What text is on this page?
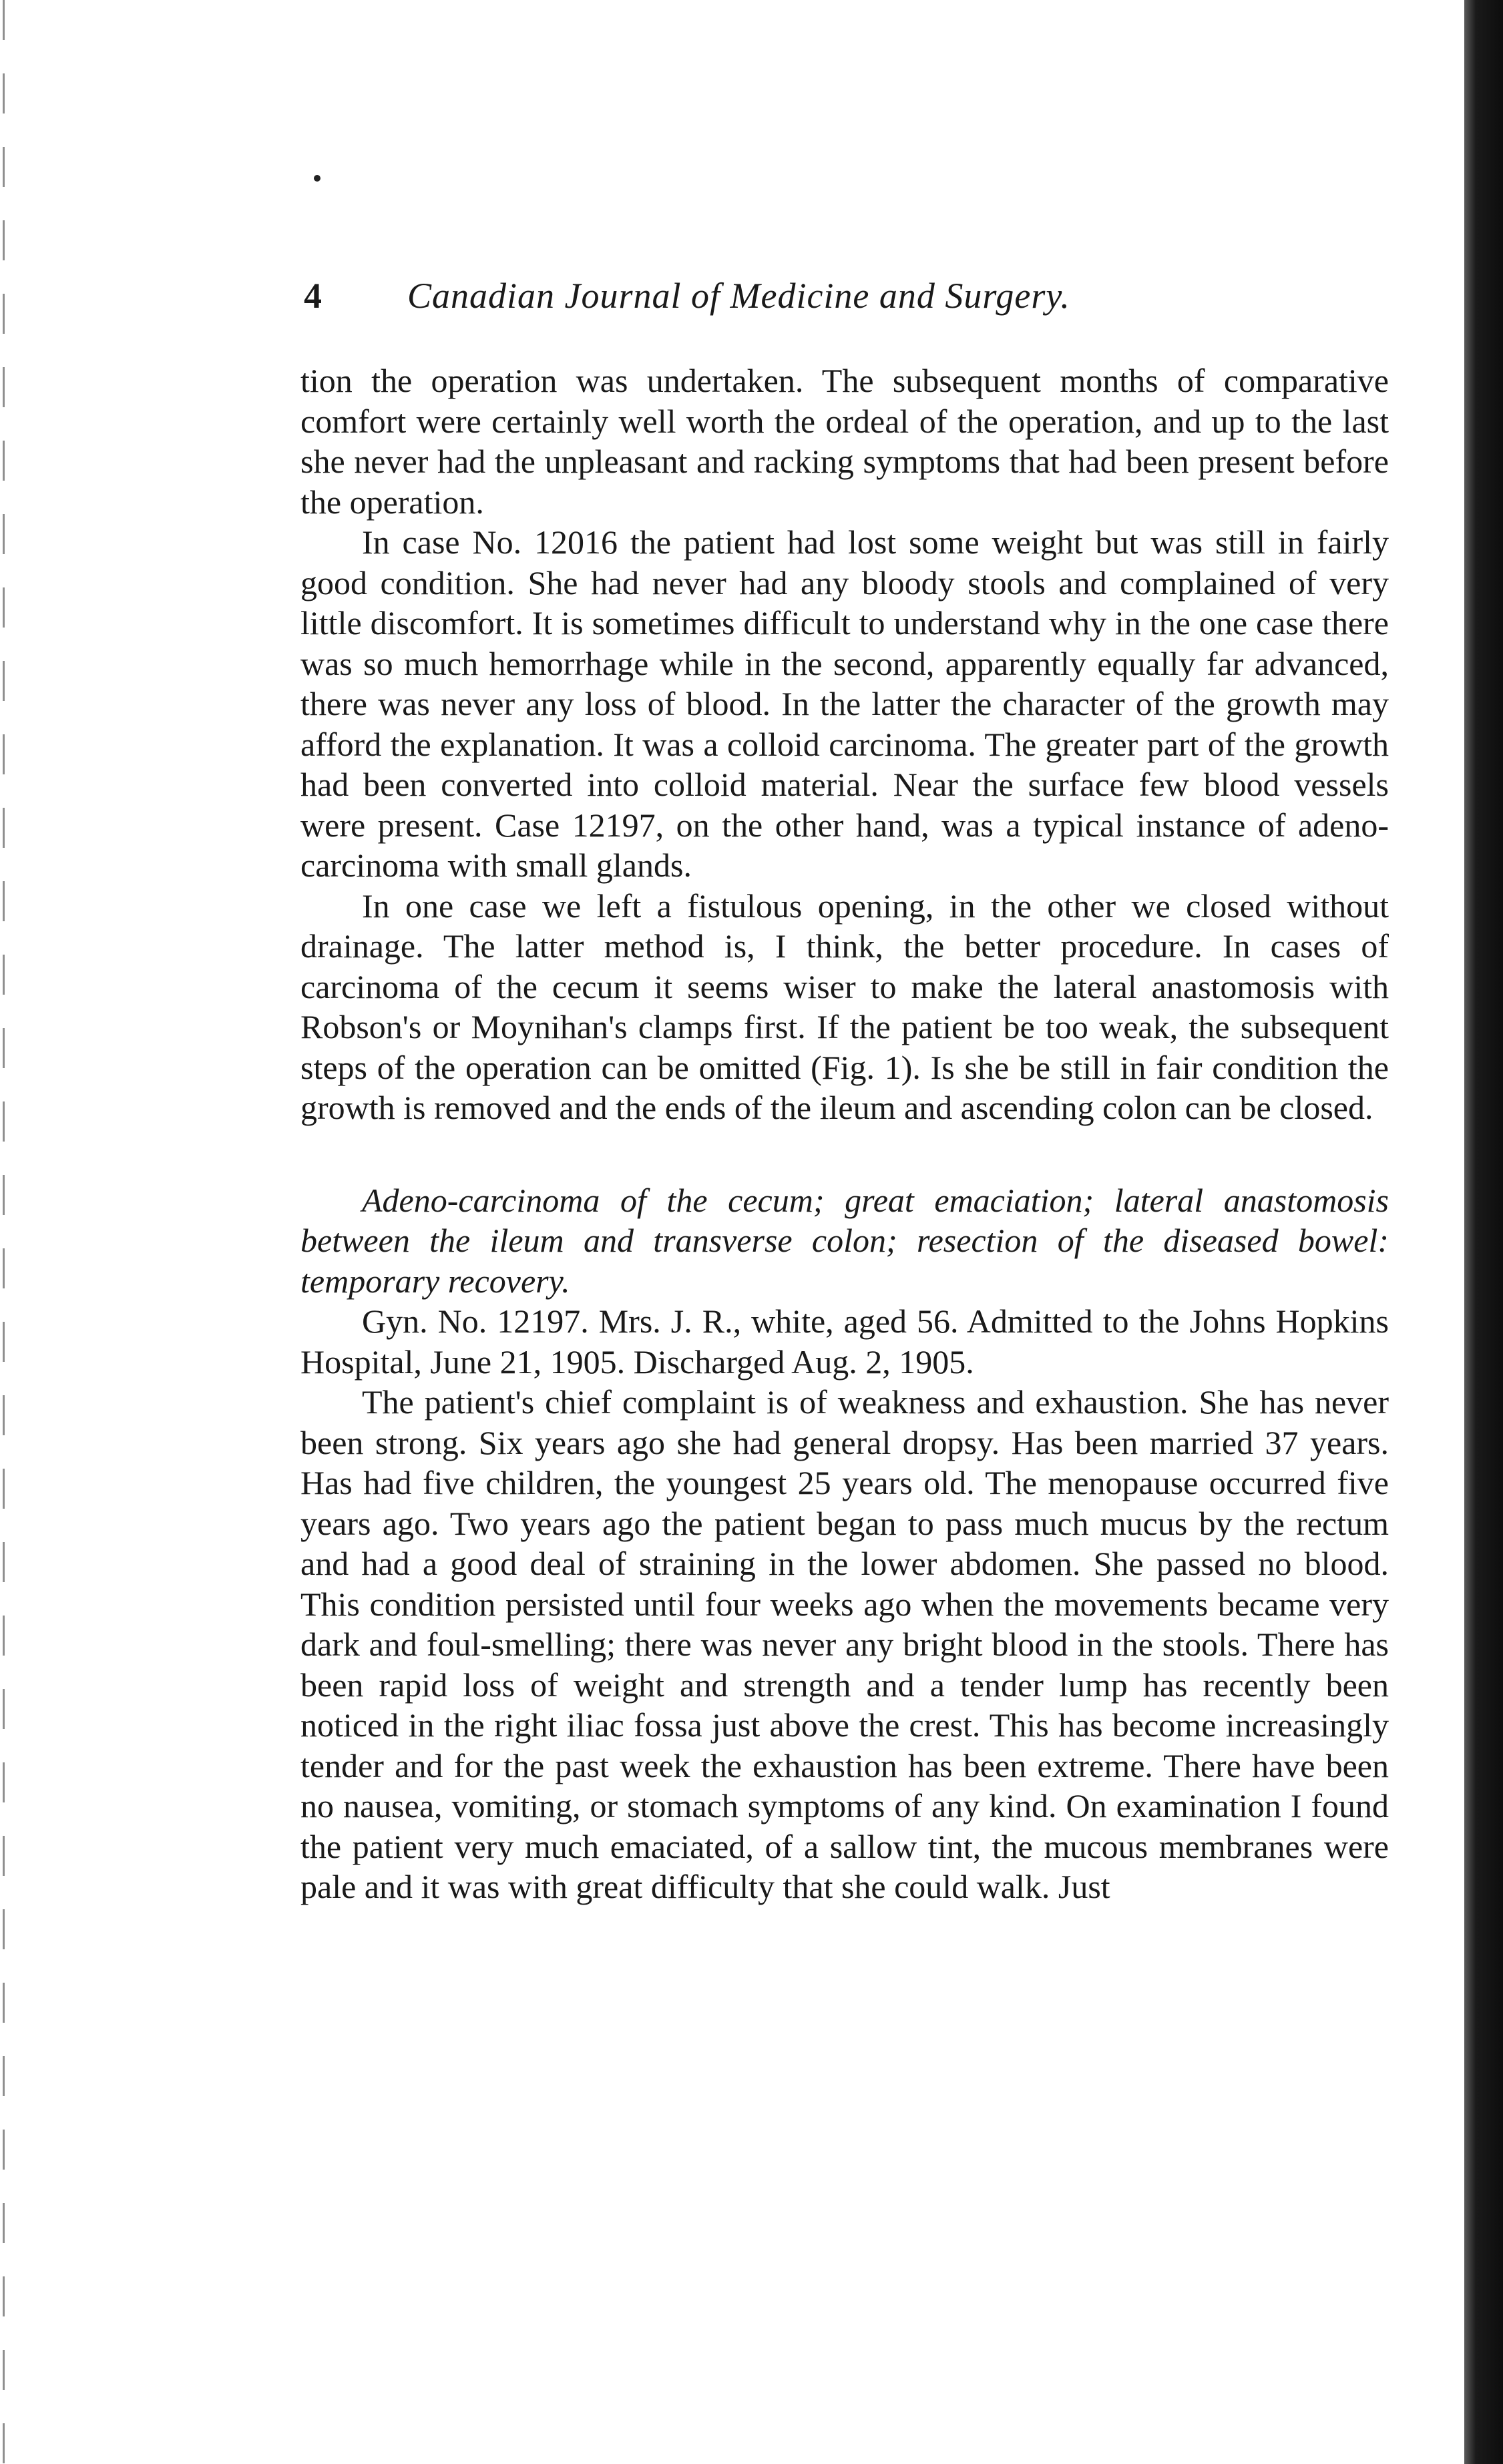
4 Canadian Journal of Medicine and Surgery.

tion the operation was undertaken. The subsequent months of comparative comfort were certainly well worth the ordeal of the operation, and up to the last she never had the unpleasant and racking symptoms that had been present before the operation.

In case No. 12016 the patient had lost some weight but was still in fairly good condition. She had never had any bloody stools and complained of very little discomfort. It is sometimes difficult to understand why in the one case there was so much hemorrhage while in the second, apparently equally far advanced, there was never any loss of blood. In the latter the character of the growth may afford the explanation. It was a colloid carcinoma. The greater part of the growth had been converted into colloid material. Near the surface few blood vessels were present. Case 12197, on the other hand, was a typical instance of adeno-carcinoma with small glands.

In one case we left a fistulous opening, in the other we closed without drainage. The latter method is, I think, the better procedure. In cases of carcinoma of the cecum it seems wiser to make the lateral anastomosis with Robson's or Moynihan's clamps first. If the patient be too weak, the subsequent steps of the operation can be omitted (Fig. 1). Is she be still in fair condition the growth is removed and the ends of the ileum and ascending colon can be closed.

Adeno-carcinoma of the cecum; great emaciation; lateral anastomosis between the ileum and transverse colon; resection of the diseased bowel: temporary recovery.

Gyn. No. 12197. Mrs. J. R., white, aged 56. Admitted to the Johns Hopkins Hospital, June 21, 1905. Discharged Aug. 2, 1905.

The patient's chief complaint is of weakness and exhaustion. She has never been strong. Six years ago she had general dropsy. Has been married 37 years. Has had five children, the youngest 25 years old. The menopause occurred five years ago. Two years ago the patient began to pass much mucus by the rectum and had a good deal of straining in the lower abdomen. She passed no blood. This condition persisted until four weeks ago when the movements became very dark and foul-smelling; there was never any bright blood in the stools. There has been rapid loss of weight and strength and a tender lump has recently been noticed in the right iliac fossa just above the crest. This has become increasingly tender and for the past week the exhaustion has been extreme. There have been no nausea, vomiting, or stomach symptoms of any kind. On examination I found the patient very much emaciated, of a sallow tint, the mucous membranes were pale and it was with great difficulty that she could walk. Just
